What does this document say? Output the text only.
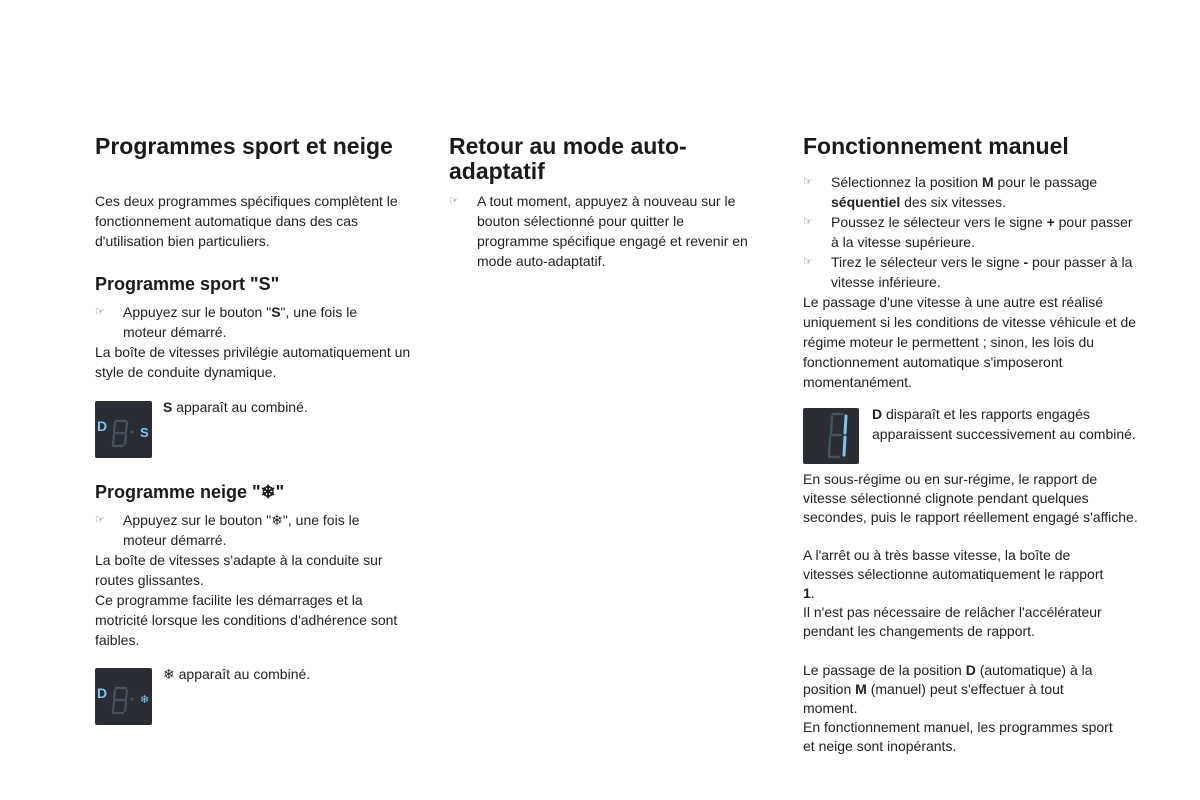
Programmes sport et neige

Ces deux programmes spécifiques complètent le fonctionnement automatique dans des cas d'utilisation bien particuliers.

Programme sport "S"
☞ Appuyez sur le bouton "S", une fois le moteur démarré.

La boîte de vitesses privilégie automatiquement un style de conduite dynamique.

D	S
S apparaît au combiné.
Programme neige "❄"
☞ Appuyez sur le bouton "❄", une fois le moteur démarré.

La boîte de vitesses s'adapte à la conduite sur routes glissantes.

Ce programme facilite les démarrages et la motricité lorsque les conditions d'adhérence sont faibles.

D	❄
❄ apparaît au combiné.
Retour au mode auto-
adaptatif
☞ A tout moment, appuyez à nouveau sur le bouton sélectionné pour quitter le programme spécifique engagé et revenir en mode auto-adaptatif.
Fonctionnement manuel
☞ Sélectionnez la position M pour le passage séquentiel des six vitesses.
☞ Poussez le sélecteur vers le signe + pour passer à la vitesse supérieure.
☞ Tirez le sélecteur vers le signe - pour passer à la vitesse inférieure.

Le passage d'une vitesse à une autre est réalisé uniquement si les conditions de vitesse véhicule et de régime moteur le permettent ; sinon, les lois du fonctionnement automatique s'imposeront momentanément.

D disparaît et les rapports engagés apparaissent successivement au combiné.

En sous-régime ou en sur-régime, le rapport de vitesse sélectionné clignote pendant quelques secondes, puis le rapport réellement engagé s'affiche.

A l'arrêt ou à très basse vitesse, la boîte de vitesses sélectionne automatiquement le rapport 1.

Il n'est pas nécessaire de relâcher l'accélérateur pendant les changements de rapport.

Le passage de la position D (automatique) à la position M (manuel) peut s'effectuer à tout moment.

En fonctionnement manuel, les programmes sport et neige sont inopérants.
